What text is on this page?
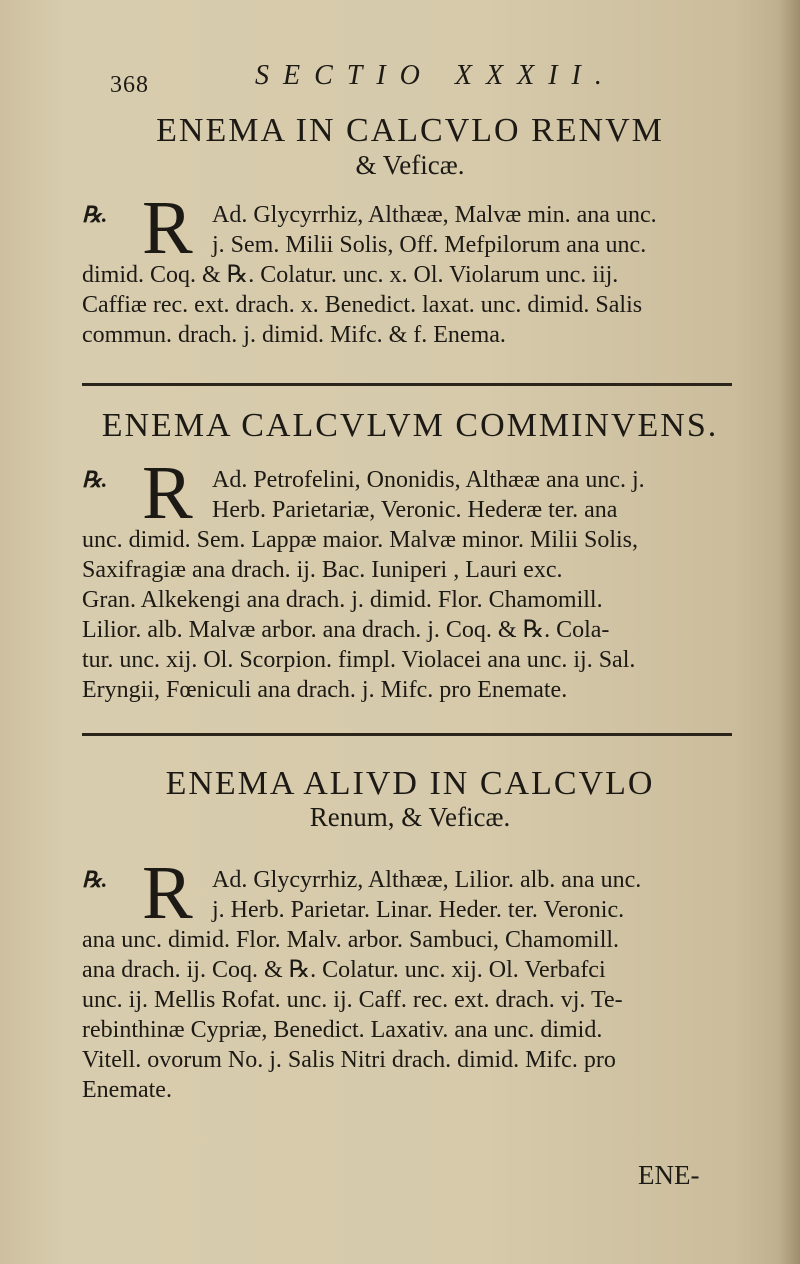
368	SECTIO XXXII.
ENEMA IN CALCVLO RENVM
& Veficæ.
℞. R Ad. Glycyrrhiz, Althææ, Malvæ min. ana unc.
j. Sem. Milii Solis, Off. Mefpilorum ana unc.
dimid. Coq. & ℞. Colatur. unc. x. Ol. Violarum unc. iij.
Caffiæ rec. ext. drach. x. Benedict. laxat. unc. dimid. Salis
commun. drach. j. dimid. Mifc. & f. Enema.
ENEMA CALCVLVM COMMINVENS.
℞. R Ad. Petrofelini, Ononidis, Althææ ana unc. j.
Herb. Parietariæ, Veronic. Hederæ ter. ana
unc. dimid. Sem. Lappæ maior. Malvæ minor. Milii Solis,
Saxifragiæ ana drach. ij. Bac. Iuniperi , Lauri exc.
Gran. Alkekengi ana drach. j. dimid. Flor. Chamomill.
Lilior. alb. Malvæ arbor. ana drach. j. Coq. & ℞. Cola-
tur. unc. xij. Ol. Scorpion. fimpl. Violacei ana unc. ij. Sal.
Eryngii, Fœniculi ana drach. j. Mifc. pro Enemate.
ENEMA ALIVD IN CALCVLO
Renum, & Veficæ.
℞. R Ad. Glycyrrhiz, Althææ, Lilior. alb. ana unc.
j. Herb. Parietar. Linar. Heder. ter. Veronic.
ana unc. dimid. Flor. Malv. arbor. Sambuci, Chamomill.
ana drach. ij. Coq. & ℞. Colatur. unc. xij. Ol. Verbafci
unc. ij. Mellis Rofat. unc. ij. Caff. rec. ext. drach. vj. Te-
rebinthinæ Cypriæ, Benedict. Laxativ. ana unc. dimid.
Vitell. ovorum No. j. Salis Nitri drach. dimid. Mifc. pro
Enemate.
ENE-
